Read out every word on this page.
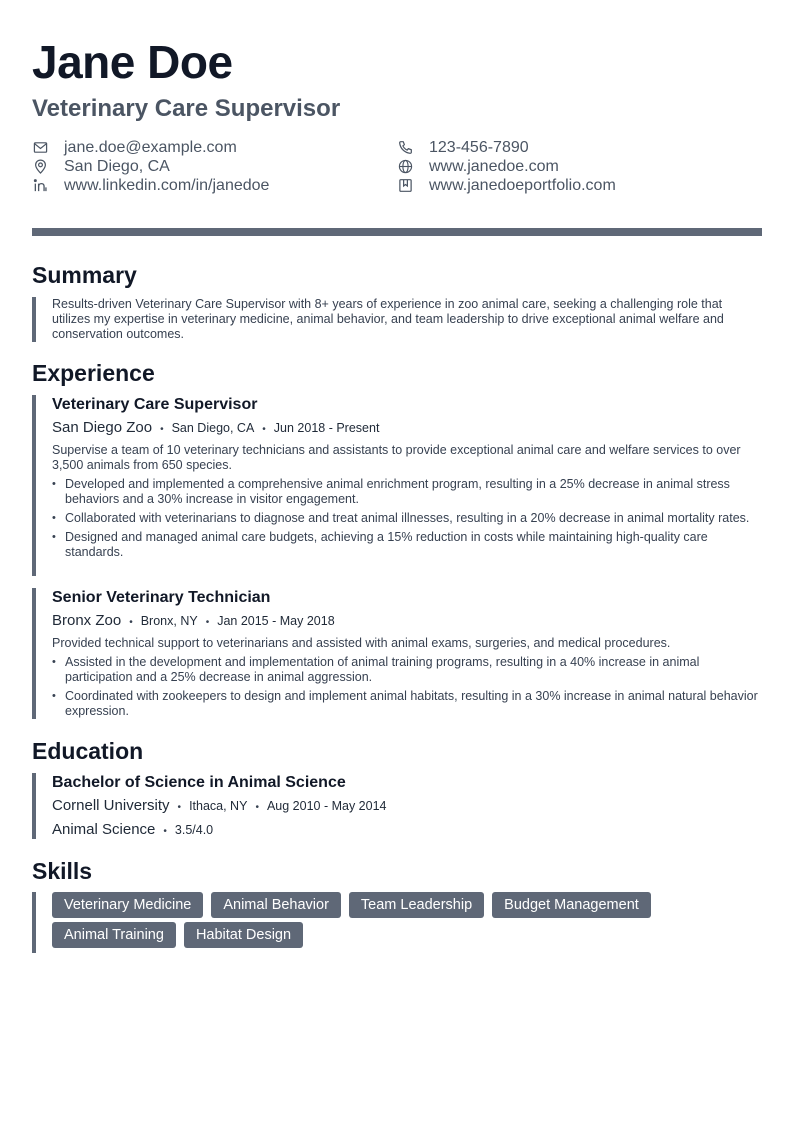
Jane Doe
Veterinary Care Supervisor
jane.doe@example.com	123-456-7890
San Diego, CA	www.janedoe.com
www.linkedin.com/in/janedoe	www.janedoeportfolio.com
Summary
Results-driven Veterinary Care Supervisor with 8+ years of experience in zoo animal care, seeking a challenging role that utilizes my expertise in veterinary medicine, animal behavior, and team leadership to drive exceptional animal welfare and conservation outcomes.
Experience
Veterinary Care Supervisor
San Diego Zoo • San Diego, CA • Jun 2018 - Present
Supervise a team of 10 veterinary technicians and assistants to provide exceptional animal care and welfare services to over 3,500 animals from 650 species.
• Developed and implemented a comprehensive animal enrichment program, resulting in a 25% decrease in animal stress behaviors and a 30% increase in visitor engagement.
• Collaborated with veterinarians to diagnose and treat animal illnesses, resulting in a 20% decrease in animal mortality rates.
• Designed and managed animal care budgets, achieving a 15% reduction in costs while maintaining high-quality care standards.
Senior Veterinary Technician
Bronx Zoo • Bronx, NY • Jan 2015 - May 2018
Provided technical support to veterinarians and assisted with animal exams, surgeries, and medical procedures.
• Assisted in the development and implementation of animal training programs, resulting in a 40% increase in animal participation and a 25% decrease in animal aggression.
• Coordinated with zookeepers to design and implement animal habitats, resulting in a 30% increase in animal natural behavior expression.
Education
Bachelor of Science in Animal Science
Cornell University • Ithaca, NY • Aug 2010 - May 2014
Animal Science • 3.5/4.0
Skills
Veterinary Medicine	Animal Behavior	Team Leadership	Budget Management
Animal Training	Habitat Design
